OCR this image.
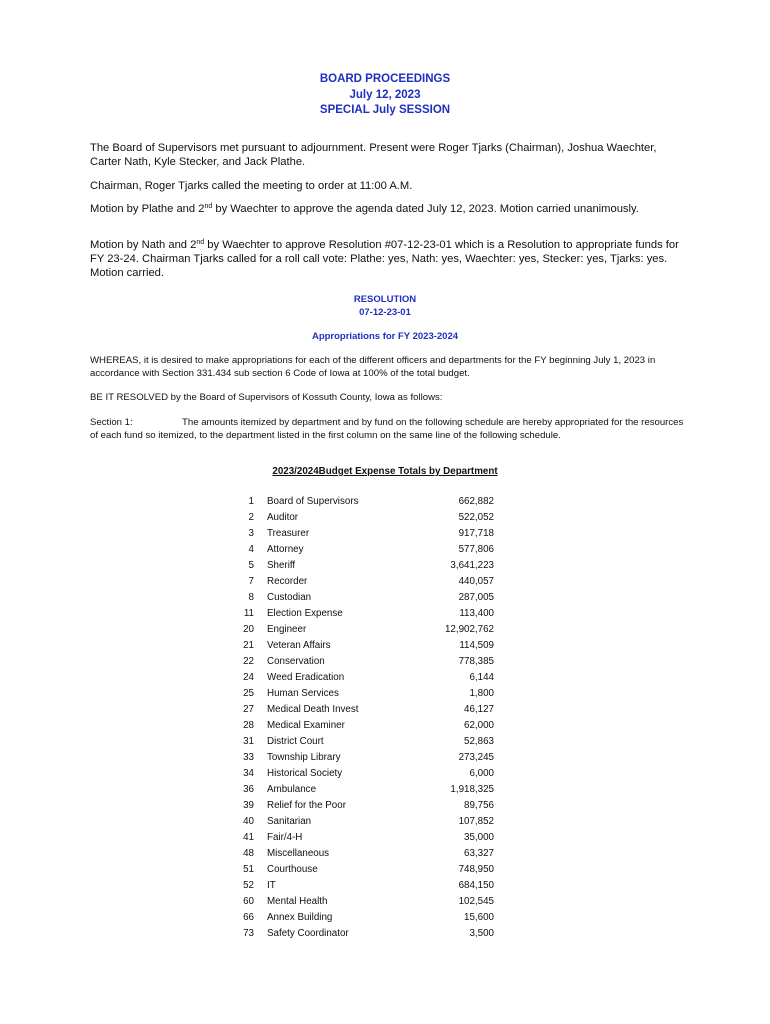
BOARD PROCEEDINGS
July 12, 2023
SPECIAL July SESSION
The Board of Supervisors met pursuant to adjournment. Present were Roger Tjarks (Chairman), Joshua Waechter, Carter Nath, Kyle Stecker, and Jack Plathe.
Chairman, Roger Tjarks called the meeting to order at 11:00 A.M.
Motion by Plathe and 2nd by Waechter to approve the agenda dated July 12, 2023. Motion carried unanimously.
Motion by Nath and 2nd by Waechter to approve Resolution #07-12-23-01 which is a Resolution to appropriate funds for FY 23-24. Chairman Tjarks called for a roll call vote: Plathe: yes, Nath: yes, Waechter: yes, Stecker: yes, Tjarks: yes. Motion carried.
RESOLUTION
07-12-23-01
Appropriations for FY 2023-2024
WHEREAS, it is desired to make appropriations for each of the different officers and departments for the FY beginning July 1, 2023 in accordance with Section 331.434 sub section 6 Code of Iowa at 100% of the total budget.
BE IT RESOLVED by the Board of Supervisors of Kossuth County, Iowa as follows:
Section 1:	The amounts itemized by department and by fund on the following schedule are hereby appropriated for the resources of each fund so itemized, to the department listed in the first column on the same line of the following schedule.
2023/2024Budget Expense Totals by Department
1 Board of Supervisors	662,882
2 Auditor	522,052
3 Treasurer	917,718
4 Attorney	577,806
5 Sheriff	3,641,223
7 Recorder	440,057
8 Custodian	287,005
11 Election Expense	113,400
20 Engineer	12,902,762
21 Veteran Affairs	114,509
22 Conservation	778,385
24 Weed Eradication	6,144
25 Human Services	1,800
27 Medical Death Invest	46,127
28 Medical Examiner	62,000
31 District Court	52,863
33 Township Library	273,245
34 Historical Society	6,000
36 Ambulance	1,918,325
39 Relief for the Poor	89,756
40 Sanitarian	107,852
41 Fair/4-H	35,000
48 Miscellaneous	63,327
51 Courthouse	748,950
52 IT	684,150
60 Mental Health	102,545
66 Annex Building	15,600
73 Safety Coordinator	3,500
